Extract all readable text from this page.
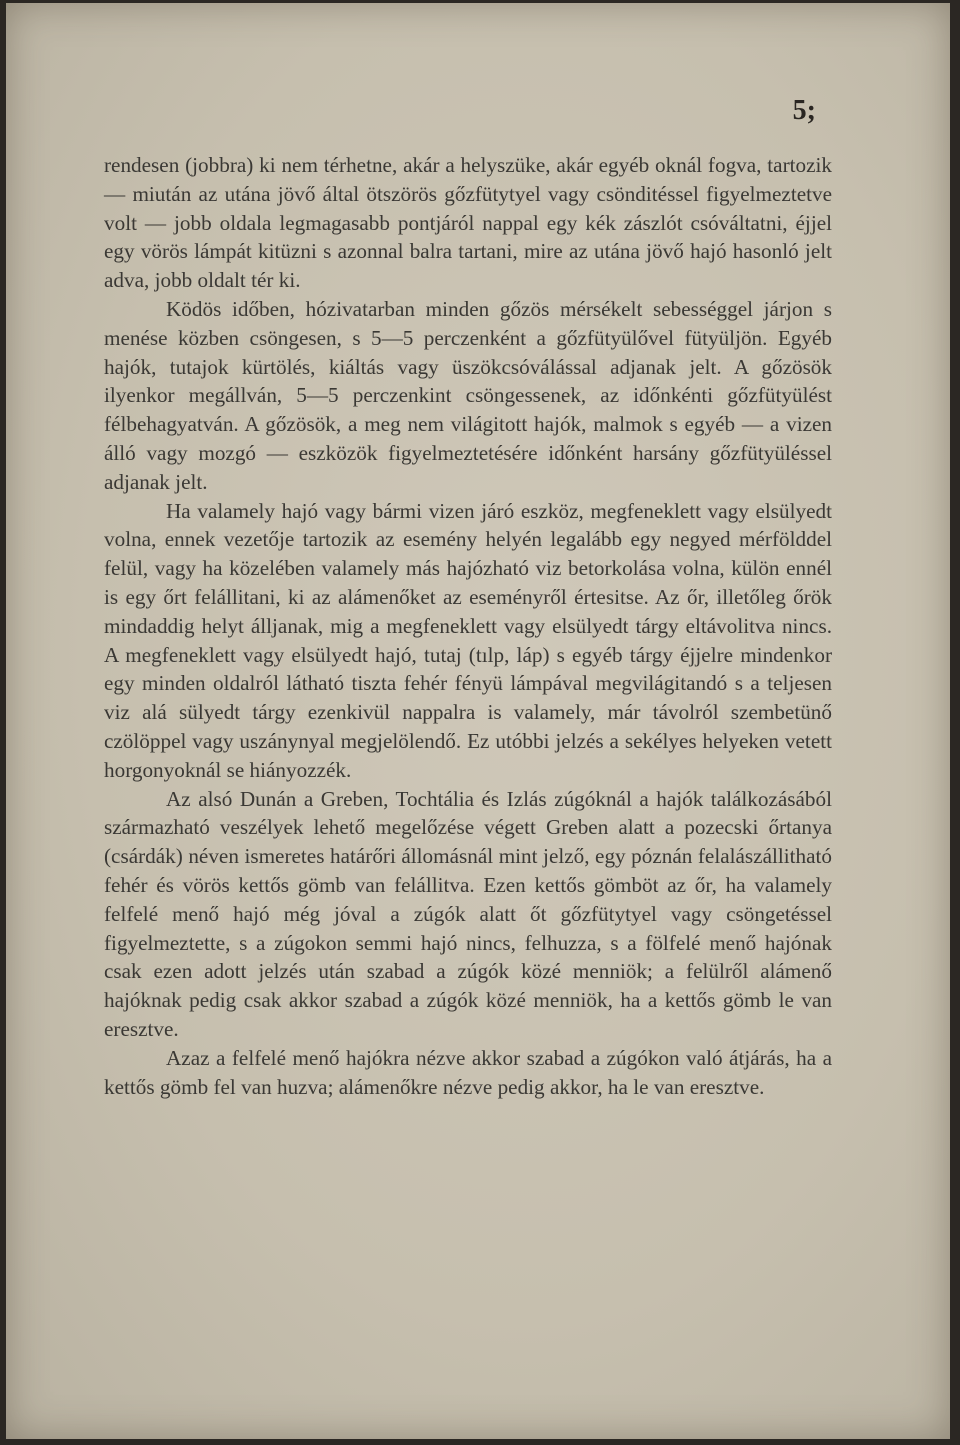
5;

rendesen (jobbra) ki nem térhetne, akár a helyszüke, akár egyéb oknál fogva, tartozik — miután az utána jövő által ötszörös gőzfütytyel vagy csönditéssel figyelmeztetve volt — jobb oldala legmagasabb pontjáról nappal egy kék zászlót csóváltatni, éjjel egy vörös lámpát kitüzni s azonnal balra tartani, mire az utána jövő hajó hasonló jelt adva, jobb oldalt tér ki.

Ködös időben, hózivatarban minden gőzös mérsékelt sebességgel járjon s menése közben csöngesen, s 5—5 perczenként a gőzfütyülővel fütyüljön. Egyéb hajók, tutajok kürtölés, kiáltás vagy üszökcsóválással adjanak jelt. A gőzösök ilyenkor megállván, 5—5 perczenkint csöngessenek, az időnkénti gőzfütyülést félbehagyatván. A gőzösök, a meg nem világitott hajók, malmok s egyéb — a vizen álló vagy mozgó — eszközök figyelmeztetésére időnként harsány gőzfütyüléssel adjanak jelt.

Ha valamely hajó vagy bármi vizen járó eszköz, megfeneklett vagy elsülyedt volna, ennek vezetője tartozik az esemény helyén legalább egy negyed mérfölddel felül, vagy ha közelében valamely más hajózható viz betorkolása volna, külön ennél is egy őrt felállitani, ki az alámenőket az eseményről értesitse. Az őr, illetőleg őrök mindaddig helyt álljanak, mig a megfeneklett vagy elsülyedt tárgy eltávolitva nincs. A megfeneklett vagy elsülyedt hajó, tutaj (tılp, láp) s egyéb tárgy éjjelre mindenkor egy minden oldalról látható tiszta fehér fényü lámpával megvilágitandó s a teljesen viz alá sülyedt tárgy ezenkivül nappalra is valamely, már távolról szembetünő czölöppel vagy uszánynyal megjelölendő. Ez utóbbi jelzés a sekélyes helyeken vetett horgonyoknál se hiányozzék.

Az alsó Dunán a Greben, Tochtália és Izlás zúgóknál a hajók találkozásából származható veszélyek lehető megelőzése végett Greben alatt a pozecski őrtanya (csárdák) néven ismeretes határőri állomásnál mint jelző, egy póznán felalászállitható fehér és vörös kettős gömb van felállitva. Ezen kettős gömböt az őr, ha valamely felfelé menő hajó még jóval a zúgók alatt őt gőzfütytyel vagy csöngetéssel figyelmeztette, s a zúgokon semmi hajó nincs, felhuzza, s a fölfelé menő hajónak csak ezen adott jelzés után szabad a zúgók közé menniök; a felülről alámenő hajóknak pedig csak akkor szabad a zúgók közé menniök, ha a kettős gömb le van eresztve.

Azaz a felfelé menő hajókra nézve akkor szabad a zúgókon való átjárás, ha a kettős gömb fel van huzva; alámenőkre nézve pedig akkor, ha le van eresztve.
